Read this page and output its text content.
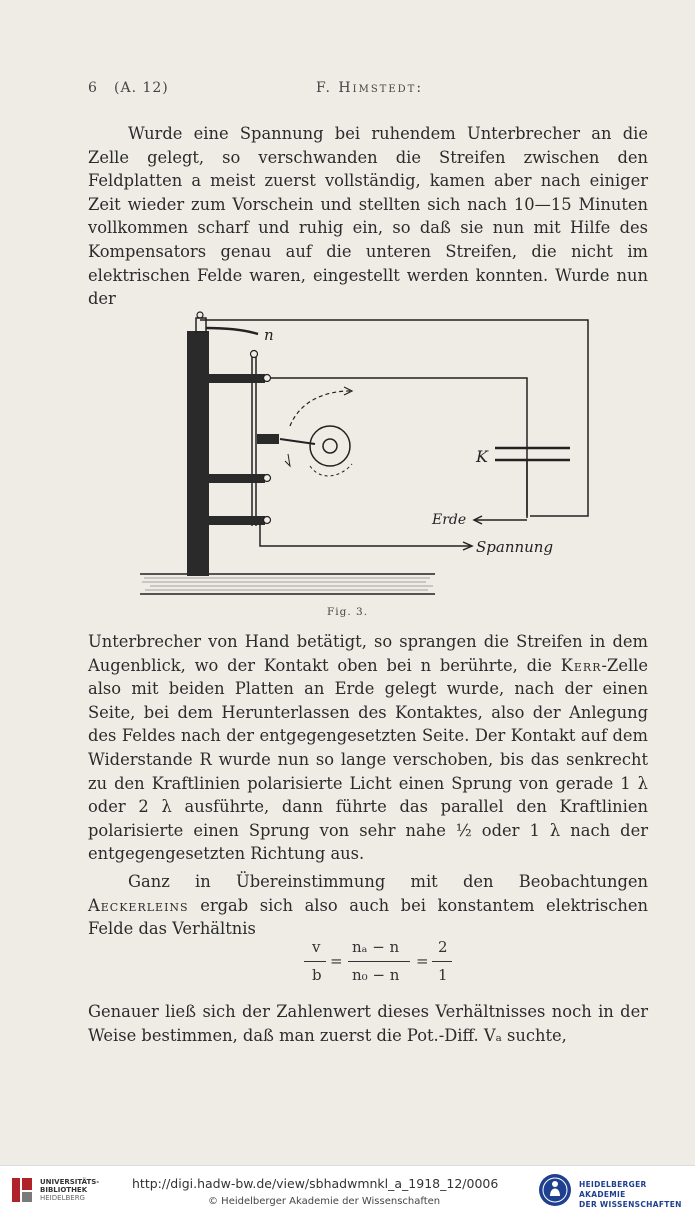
6 (A. 12)	F. Himstedt:

Wurde eine Spannung bei ruhendem Unterbrecher an die Zelle gelegt, so verschwanden die Streifen zwischen den Feldplatten a meist zuerst vollständig, kamen aber nach einiger Zeit wieder zum Vorschein und stellten sich nach 10—15 Minuten vollkommen scharf und ruhig ein, so daß sie nun mit Hilfe des Kompensators genau auf die unteren Streifen, die nicht im elektrischen Felde waren, eingestellt werden konnten. Wurde nun der

n
K
Erde
Spannung
Fig. 3.

Unterbrecher von Hand betätigt, so sprangen die Streifen in dem Augenblick, wo der Kontakt oben bei n berührte, die Kerr-Zelle also mit beiden Platten an Erde gelegt wurde, nach der einen Seite, bei dem Herunterlassen des Kontaktes, also der Anlegung des Feldes nach der entgegengesetzten Seite. Der Kontakt auf dem Widerstande R wurde nun so lange verschoben, bis das senkrecht zu den Kraftlinien polarisierte Licht einen Sprung von gerade 1 λ oder 2 λ ausführte, dann führte das parallel den Kraftlinien polarisierte einen Sprung von sehr nahe ½ oder 1 λ nach der entgegengesetzten Richtung aus.

Ganz in Übereinstimmung mit den Beobachtungen Aeckerleins ergab sich also auch bei konstantem elektrischen Felde das Verhältnis

v
b
=
nₐ − n
n₀ − n
=
2
1

Genauer ließ sich der Zahlenwert dieses Verhältnisses noch in der Weise bestimmen, daß man zuerst die Pot.-Diff. Vₐ suchte,

UNIVERSITÄTS-
BIBLIOTHEK
HEIDELBERG
http://digi.hadw-bw.de/view/sbhadwmnkl_a_1918_12/0006
© Heidelberger Akademie der Wissenschaften
HEIDELBERGER AKADEMIE
DER WISSENSCHAFTEN
